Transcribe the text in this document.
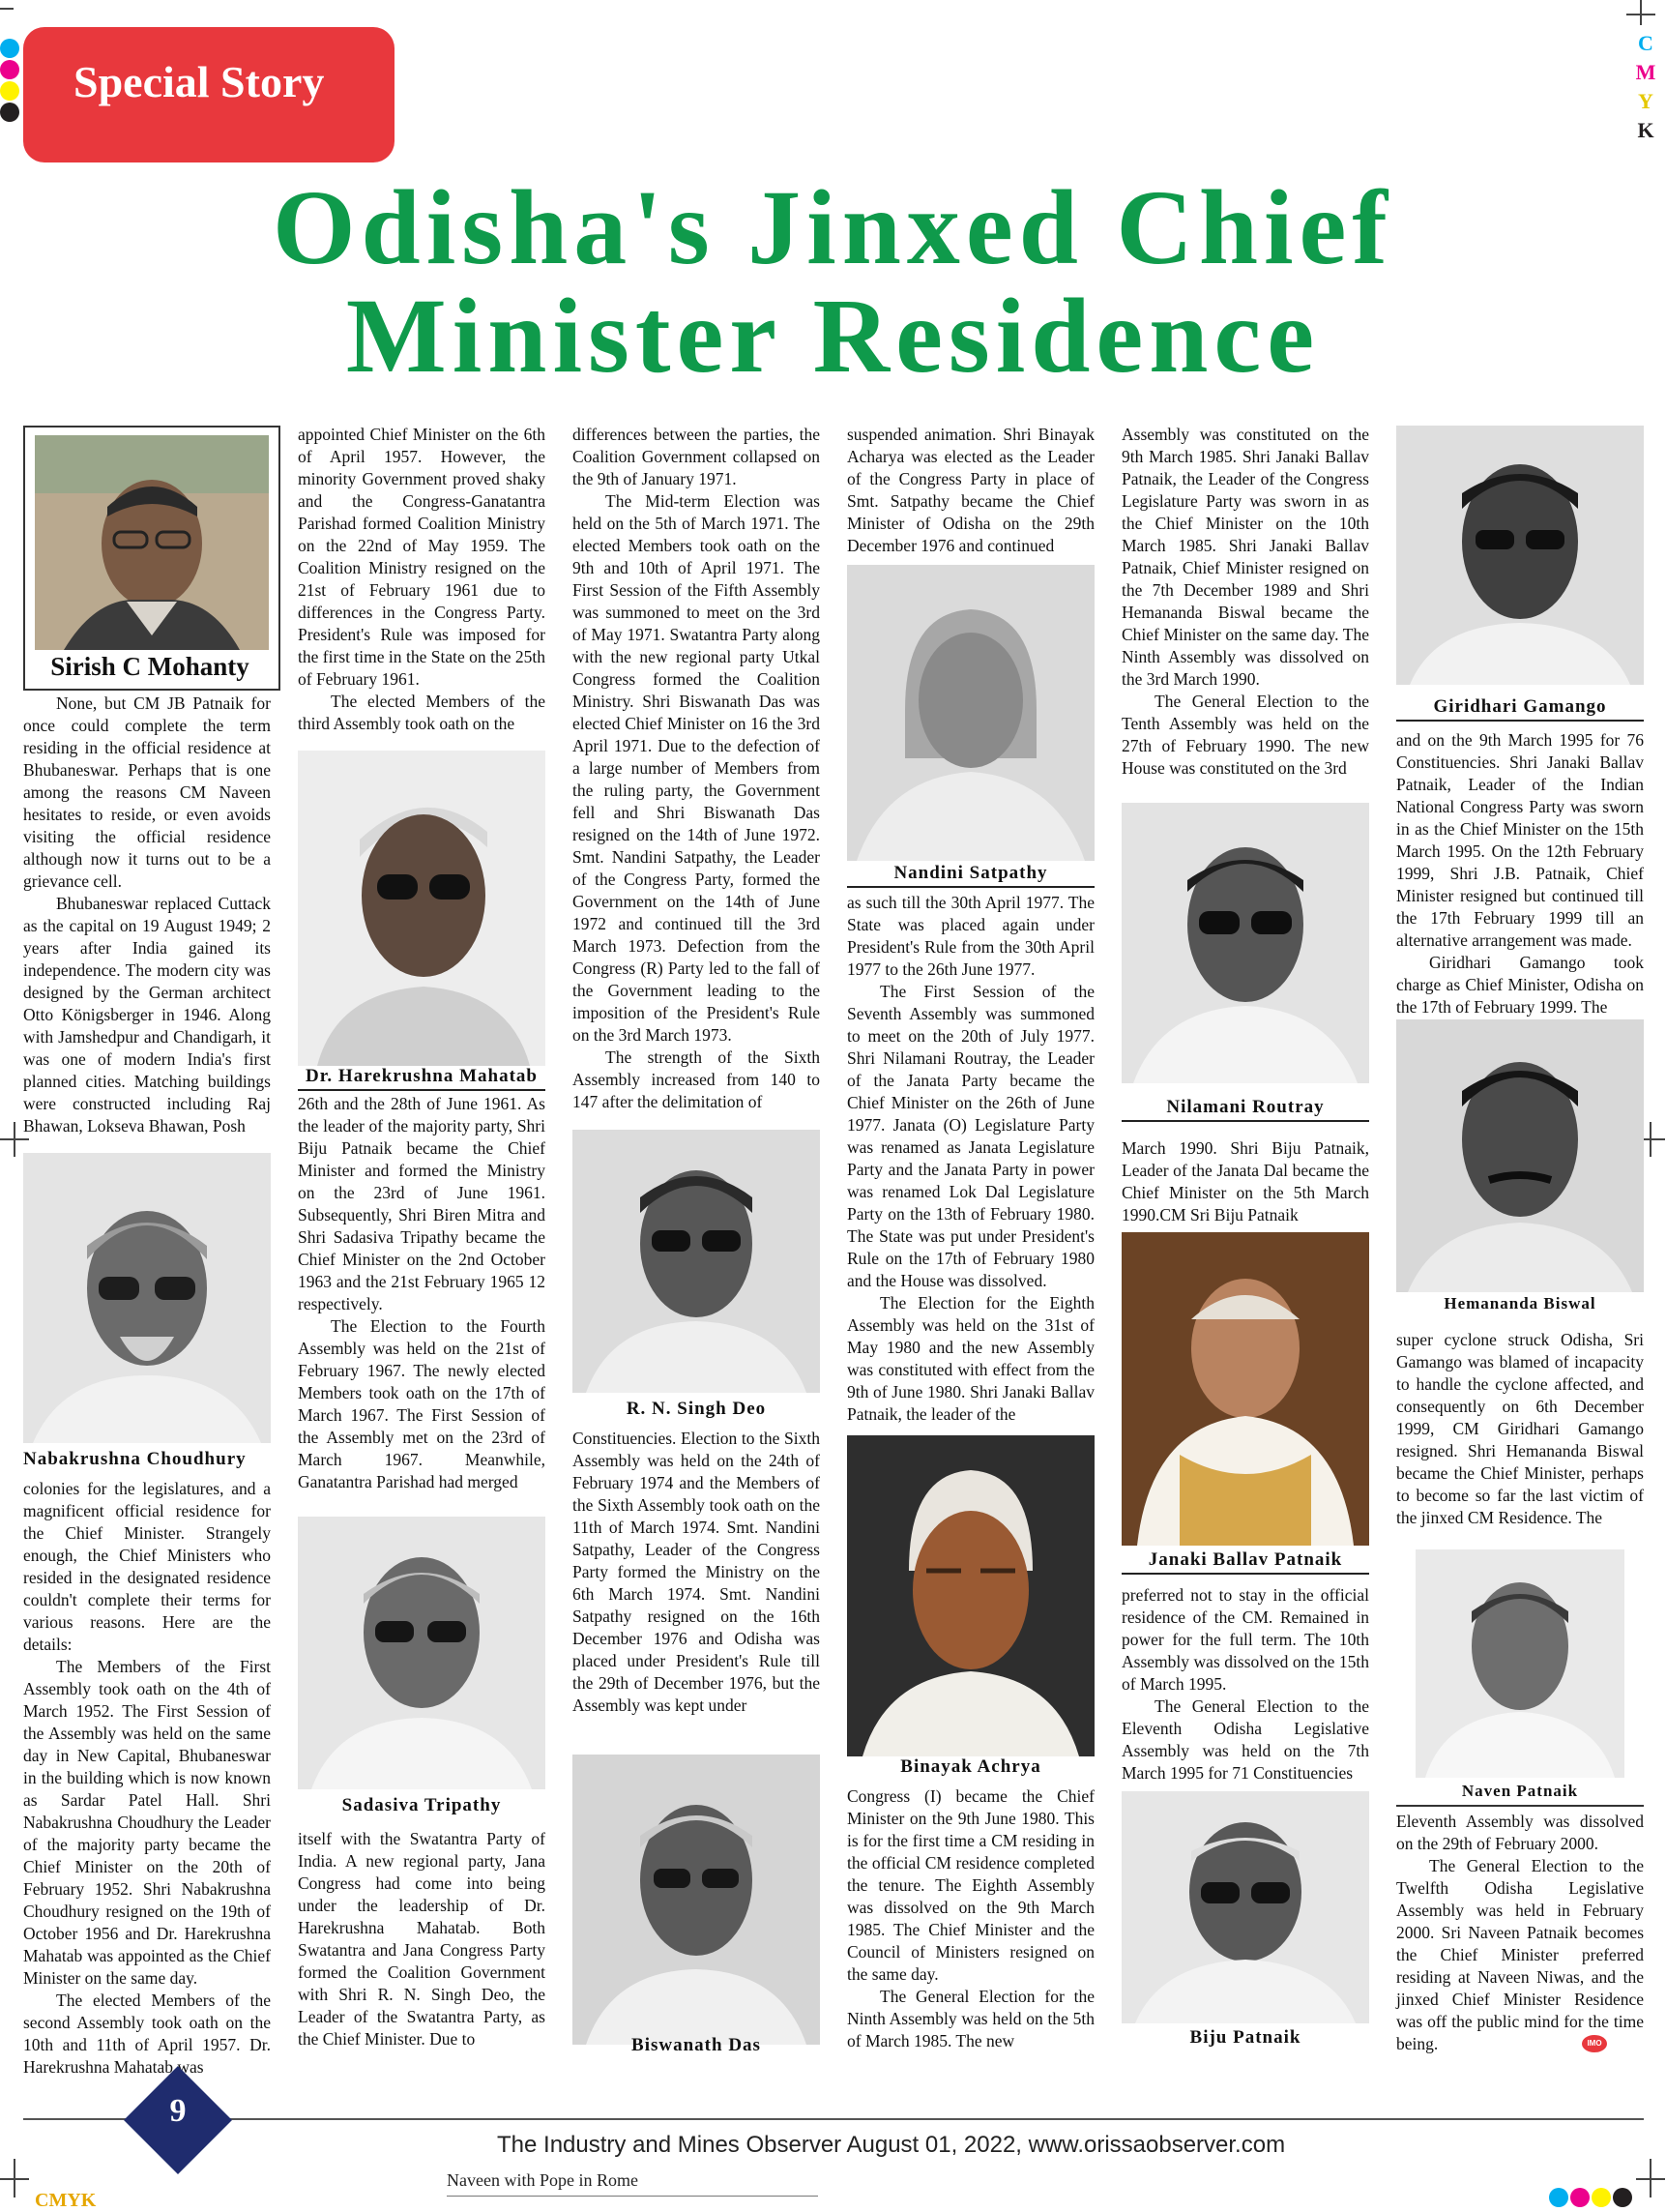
C
M
Y
K
Special Story
Odisha's Jinxed Chief
Minister Residence
Sirish C Mohanty

None, but CM JB Patnaik for once could complete the term residing in the official residence at Bhubaneswar. Perhaps that is one among the reasons CM Naveen hesitates to reside, or even avoids visiting the official residence although now it turns out to be a grievance cell.

Bhubaneswar replaced Cuttack as the capital on 19 August 1949; 2 years after India gained its independence. The modern city was designed by the German architect Otto Königsberger in 1946. Along with Jamshedpur and Chandigarh, it was one of modern India's first planned cities. Matching buildings were constructed including Raj Bhawan, Lokseva Bhawan, Posh

Nabakrushna Choudhury

colonies for the legislatures, and a magnificent official residence for the Chief Minister. Strangely enough, the Chief Ministers who resided in the designated residence couldn't complete their terms for various reasons. Here are the details:

The Members of the First Assembly took oath on the 4th of March 1952. The First Session of the Assembly was held on the same day in New Capital, Bhubaneswar in the building which is now known as Sardar Patel Hall. Shri Nabakrushna Choudhury the Leader of the majority party became the Chief Minister on the 20th of February 1952. Shri Nabakrushna Choudhury resigned on the 19th of October 1956 and Dr. Harekrushna Mahatab was appointed as the Chief Minister on the same day.

The elected Members of the second Assembly took oath on the 10th and 11th of April 1957. Dr. Harekrushna Mahatab was

appointed Chief Minister on the 6th of April 1957. However, the minority Government proved shaky and the Congress-Ganatantra Parishad formed Coalition Ministry on the 22nd of May 1959. The Coalition Ministry resigned on the 21st of February 1961 due to differences in the Congress Party. President's Rule was imposed for the first time in the State on the 25th of February 1961.

The elected Members of the third Assembly took oath on the

Dr. Harekrushna Mahatab

26th and the 28th of June 1961. As the leader of the majority party, Shri Biju Patnaik became the Chief Minister and formed the Ministry on the 23rd of June 1961. Subsequently, Shri Biren Mitra and Shri Sadasiva Tripathy became the Chief Minister on the 2nd October 1963 and the 21st February 1965 12 respectively.

The Election to the Fourth Assembly was held on the 21st of February 1967. The newly elected Members took oath on the 17th of March 1967. The First Session of the Assembly met on the 23rd of March 1967. Meanwhile, Ganatantra Parishad had merged

Sadasiva Tripathy

itself with the Swatantra Party of India. A new regional party, Jana Congress had come into being under the leadership of Dr. Harekrushna Mahatab. Both Swatantra and Jana Congress Party formed the Coalition Government with Shri R. N. Singh Deo, the Leader of the Swatantra Party, as the Chief Minister. Due to

differences between the parties, the Coalition Government collapsed on the 9th of January 1971.

The Mid-term Election was held on the 5th of March 1971. The elected Members took oath on the 9th and 10th of April 1971. The First Session of the Fifth Assembly was summoned to meet on the 3rd of May 1971. Swatantra Party along with the new regional party Utkal Congress formed the Coalition Ministry. Shri Biswanath Das was elected Chief Minister on 16 the 3rd April 1971. Due to the defection of a large number of Members from the ruling party, the Government fell and Shri Biswanath Das resigned on the 14th of June 1972. Smt. Nandini Satpathy, the Leader of the Congress Party, formed the Government on the 14th of June 1972 and continued till the 3rd March 1973. Defection from the Congress (R) Party led to the fall of the Government leading to the imposition of the President's Rule on the 3rd March 1973.

The strength of the Sixth Assembly increased from 140 to 147 after the delimitation of

R. N. Singh Deo

Constituencies. Election to the Sixth Assembly was held on the 24th of February 1974 and the Members of the Sixth Assembly took oath on the 11th of March 1974. Smt. Nandini Satpathy, Leader of the Congress Party formed the Ministry on the 6th March 1974. Smt. Nandini Satpathy resigned on the 16th December 1976 and Odisha was placed under President's Rule till the 29th of December 1976, but the Assembly was kept under

Biswanath Das

suspended animation. Shri Binayak Acharya was elected as the Leader of the Congress Party in place of Smt. Satpathy became the Chief Minister of Odisha on the 29th December 1976 and continued

Nandini Satpathy

as such till the 30th April 1977. The State was placed again under President's Rule from the 30th April 1977 to the 26th June 1977.

The First Session of the Seventh Assembly was summoned to meet on the 20th of July 1977. Shri Nilamani Routray, the Leader of the Janata Party became the Chief Minister on the 26th of June 1977. Janata (O) Legislature Party was renamed as Janata Legislature Party and the Janata Party in power was renamed Lok Dal Legislature Party on the 13th of February 1980. The State was put under President's Rule on the 17th of February 1980 and the House was dissolved.

The Election for the Eighth Assembly was held on the 31st of May 1980 and the new Assembly was constituted with effect from the 9th of June 1980. Shri Janaki Ballav Patnaik, the leader of the

Binayak Achrya

Congress (I) became the Chief Minister on the 9th June 1980. This is for the first time a CM residing in the official CM residence completed the tenure. The Eighth Assembly was dissolved on the 9th March 1985. The Chief Minister and the Council of Ministers resigned on the same day.

The General Election for the Ninth Assembly was held on the 5th of March 1985. The new

Assembly was constituted on the 9th March 1985. Shri Janaki Ballav Patnaik, the Leader of the Congress Legislature Party was sworn in as the Chief Minister on the 10th March 1985. Shri Janaki Ballav Patnaik, Chief Minister resigned on the 7th December 1989 and Shri Hemananda Biswal became the Chief Minister on the same day. The Ninth Assembly was dissolved on the 3rd March 1990.

The General Election to the Tenth Assembly was held on the 27th of February 1990. The new House was constituted on the 3rd

Nilamani Routray

March 1990. Shri Biju Patnaik, Leader of the Janata Dal became the Chief Minister on the 5th March 1990.CM Sri Biju Patnaik

Janaki Ballav Patnaik

preferred not to stay in the official residence of the CM. Remained in power for the full term. The 10th Assembly was dissolved on the 15th of March 1995.

The General Election to the Eleventh Odisha Legislative Assembly was held on the 7th March 1995 for 71 Constituencies

Biju Patnaik
Giridhari Gamango

and on the 9th March 1995 for 76 Constituencies. Shri Janaki Ballav Patnaik, Leader of the Indian National Congress Party was sworn in as the Chief Minister on the 15th March 1995. On the 12th February 1999, Shri J.B. Patnaik, Chief Minister resigned but continued till the 17th February 1999 till an alternative arrangement was made.

Giridhari Gamango took charge as Chief Minister, Odisha on the 17th of February 1999. The

Hemananda Biswal

super cyclone struck Odisha, Sri Gamango was blamed of incapacity to handle the cyclone affected, and consequently on 6th December 1999, CM Giridhari Gamango resigned. Shri Hemananda Biswal became the Chief Minister, perhaps to become so far the last victim of the jinxed CM Residence. The

Naven Patnaik

Eleventh Assembly was dissolved on the 29th of February 2000.

The General Election to the Twelfth Odisha Legislative Assembly was held in February 2000. Sri Naveen Patnaik becomes the Chief Minister preferred residing at Naveen Niwas, and the jinxed Chief Minister Residence was off the public mind for the time being.	IMO
9
The Industry and Mines Observer August 01, 2022, www.orissaobserver.com
Naveen with Pope in Rome
CMYK
